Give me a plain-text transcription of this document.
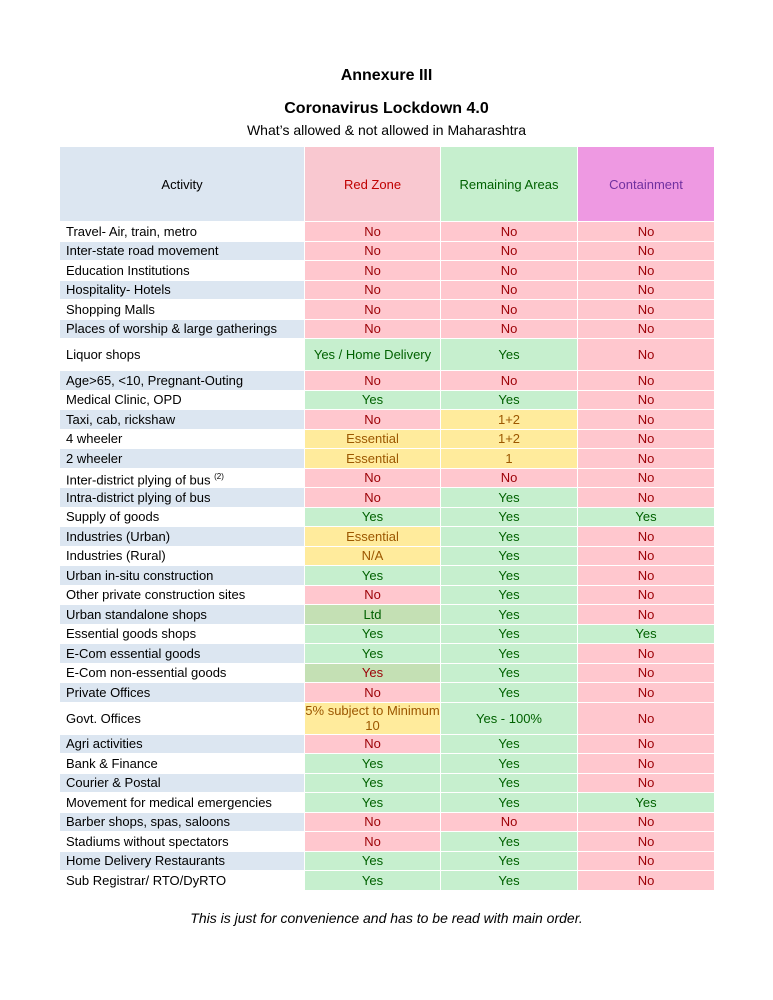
Annexure III
Coronavirus Lockdown 4.0
What’s allowed & not allowed in Maharashtra
Activity	Red Zone	Remaining Areas	Containment
Travel- Air, train, metro	No	No	No
Inter-state road movement	No	No	No
Education Institutions	No	No	No
Hospitality- Hotels	No	No	No
Shopping Malls	No	No	No
Places of worship & large gatherings	No	No	No
Liquor shops	Yes / Home Delivery	Yes	No
Age>65, <10, Pregnant-Outing	No	No	No
Medical Clinic, OPD	Yes	Yes	No
Taxi, cab, rickshaw	No	1+2	No
4 wheeler	Essential	1+2	No
2 wheeler	Essential	1	No
Inter-district plying of bus $^{(2)}$	No	No	No
Intra-district plying of bus	No	Yes	No
Supply of goods	Yes	Yes	Yes
Industries (Urban)	Essential	Yes	No
Industries (Rural)	N/A	Yes	No
Urban in-situ construction	Yes	Yes	No
Other private construction sites	No	Yes	No
Urban standalone shops	Ltd	Yes	No
Essential goods shops	Yes	Yes	Yes
E-Com essential goods	Yes	Yes	No
E-Com non-essential goods	Yes	Yes	No
Private Offices	No	Yes	No
Govt. Offices	5% subject to Minimum 10	Yes - 100%	No
Agri activities	No	Yes	No
Bank & Finance	Yes	Yes	No
Courier & Postal	Yes	Yes	No
Movement for medical emergencies	Yes	Yes	Yes
Barber shops, spas, saloons	No	No	No
Stadiums without spectators	No	Yes	No
Home Delivery Restaurants	Yes	Yes	No
Sub Registrar/ RTO/DyRTO	Yes	Yes	No
This is just for convenience and has to be read with main order.
